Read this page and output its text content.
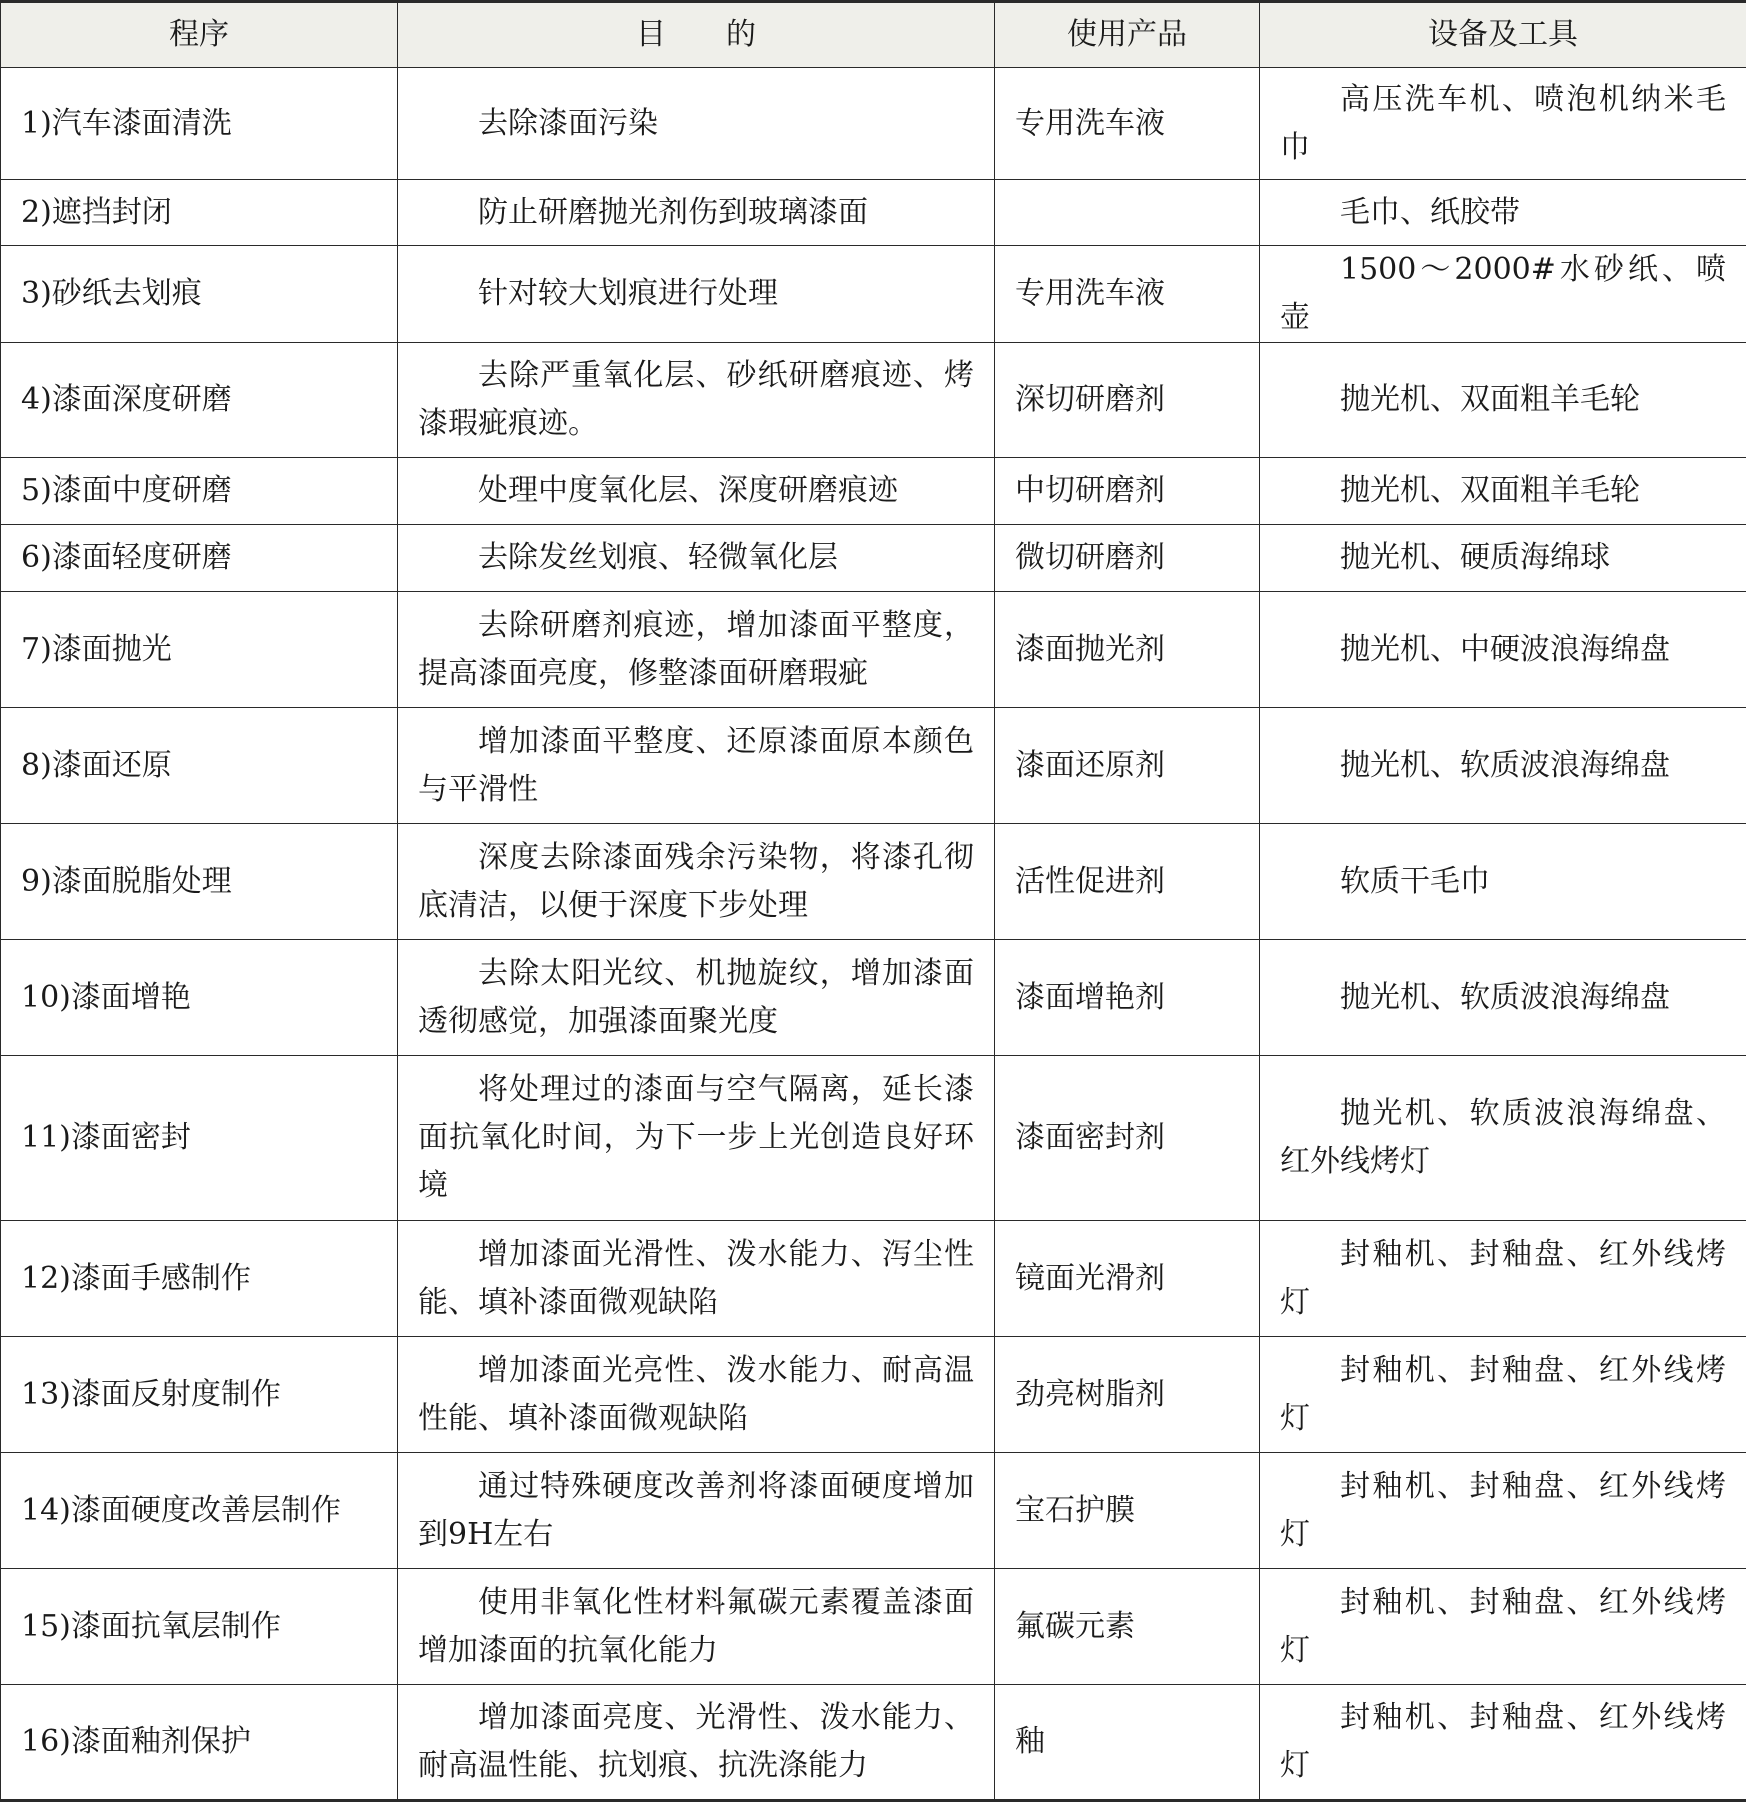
程序	目　　的	使用产品	设备及工具
1)汽车漆面清洗	去除漆面污染	专用洗车液	高压洗车机、喷泡机纳米毛巾
2)遮挡封闭	防止研磨抛光剂伤到玻璃漆面		毛巾、纸胶带
3)砂纸去划痕	针对较大划痕进行处理	专用洗车液	1500～2000#水砂纸、喷壶
4)漆面深度研磨	去除严重氧化层、砂纸研磨痕迹、烤漆瑕疵痕迹。	深切研磨剂	抛光机、双面粗羊毛轮
5)漆面中度研磨	处理中度氧化层、深度研磨痕迹	中切研磨剂	抛光机、双面粗羊毛轮
6)漆面轻度研磨	去除发丝划痕、轻微氧化层	微切研磨剂	抛光机、硬质海绵球
7)漆面抛光	去除研磨剂痕迹，增加漆面平整度，提高漆面亮度，修整漆面研磨瑕疵	漆面抛光剂	抛光机、中硬波浪海绵盘
8)漆面还原	增加漆面平整度、还原漆面原本颜色与平滑性	漆面还原剂	抛光机、软质波浪海绵盘
9)漆面脱脂处理	深度去除漆面残余污染物，将漆孔彻底清洁，以便于深度下步处理	活性促进剂	软质干毛巾
10)漆面增艳	去除太阳光纹、机抛旋纹，增加漆面透彻感觉，加强漆面聚光度	漆面增艳剂	抛光机、软质波浪海绵盘
11)漆面密封	将处理过的漆面与空气隔离，延长漆面抗氧化时间，为下一步上光创造良好环境	漆面密封剂	抛光机、软质波浪海绵盘、红外线烤灯
12)漆面手感制作	增加漆面光滑性、泼水能力、泻尘性能、填补漆面微观缺陷	镜面光滑剂	封釉机、封釉盘、红外线烤灯
13)漆面反射度制作	增加漆面光亮性、泼水能力、耐高温性能、填补漆面微观缺陷	劲亮树脂剂	封釉机、封釉盘、红外线烤灯
14)漆面硬度改善层制作	通过特殊硬度改善剂将漆面硬度增加到9H左右	宝石护膜	封釉机、封釉盘、红外线烤灯
15)漆面抗氧层制作	使用非氧化性材料氟碳元素覆盖漆面增加漆面的抗氧化能力	氟碳元素	封釉机、封釉盘、红外线烤灯
16)漆面釉剂保护	增加漆面亮度、光滑性、泼水能力、耐高温性能、抗划痕、抗洗涤能力	釉	封釉机、封釉盘、红外线烤灯
